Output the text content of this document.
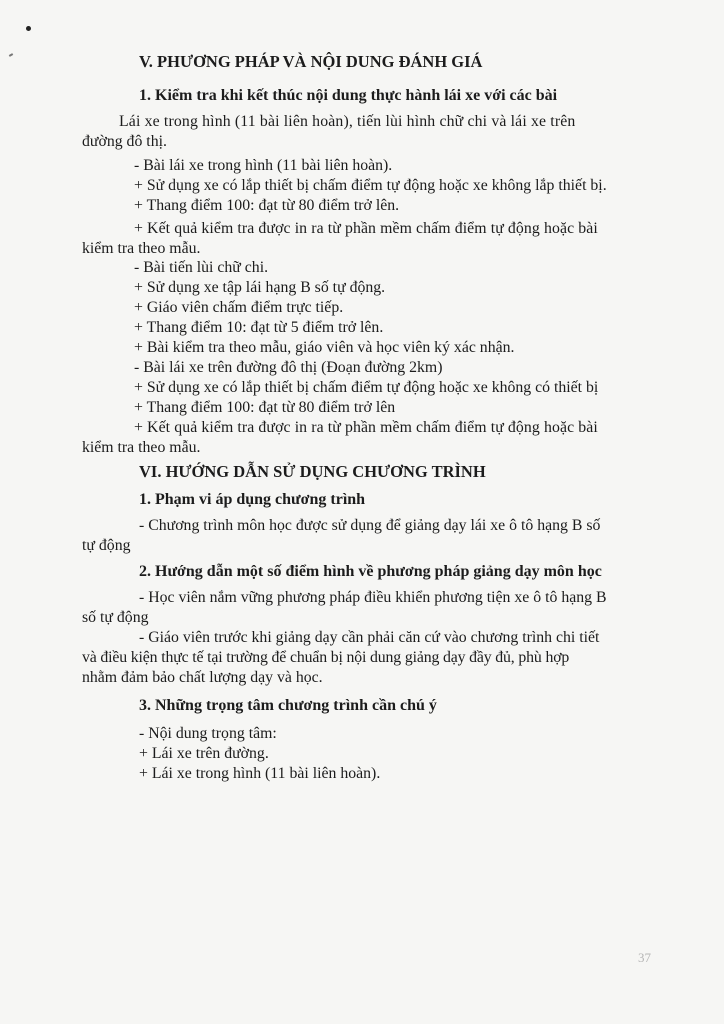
V. PHƯƠNG PHÁP VÀ NỘI DUNG ĐÁNH GIÁ

1. Kiểm tra khi kết thúc nội dung thực hành lái xe với các bài

Lái xe trong hình (11 bài liên hoàn), tiến lùi hình chữ chi và lái xe trên

đường đô thị.

- Bài lái xe trong hình (11 bài liên hoàn).

+ Sử dụng xe có lắp thiết bị chấm điểm tự động hoặc xe không lắp thiết bị.

+ Thang điểm 100: đạt từ 80 điểm trở lên.

+ Kết quả kiểm tra được in ra từ phần mềm chấm điểm tự động hoặc bài

kiểm tra theo mẫu.

- Bài tiến lùi chữ chi.

+ Sử dụng xe tập lái hạng B số tự động.

+ Giáo viên chấm điểm trực tiếp.

+ Thang điểm 10: đạt từ 5 điểm trở lên.

+ Bài kiểm tra theo mẫu, giáo viên và học viên ký xác nhận.

- Bài lái xe trên đường đô thị (Đoạn đường 2km)

+ Sử dụng xe có lắp thiết bị chấm điểm tự động hoặc xe không có thiết bị

+ Thang điểm 100: đạt từ 80 điểm trở lên

+ Kết quả kiểm tra được in ra từ phần mềm chấm điểm tự động hoặc bài

kiểm tra theo mẫu.

VI. HƯỚNG DẪN SỬ DỤNG CHƯƠNG TRÌNH

1. Phạm vi áp dụng chương trình

- Chương trình môn học được sử dụng để giảng dạy lái xe ô tô hạng B số

tự động

2. Hướng dẫn một số điểm hình về phương pháp giảng dạy môn học

- Học viên nắm vững phương pháp điều khiển phương tiện xe ô tô hạng B

số tự động

- Giáo viên trước khi giảng dạy cần phải căn cứ vào chương trình chi tiết

và điều kiện thực tế tại trường để chuẩn bị nội dung giảng dạy đầy đủ, phù hợp

nhằm đảm bảo chất lượng dạy và học.

3. Những trọng tâm chương trình cần chú ý

- Nội dung trọng tâm:

+ Lái xe trên đường.

+ Lái xe trong hình (11 bài liên hoàn).

37
